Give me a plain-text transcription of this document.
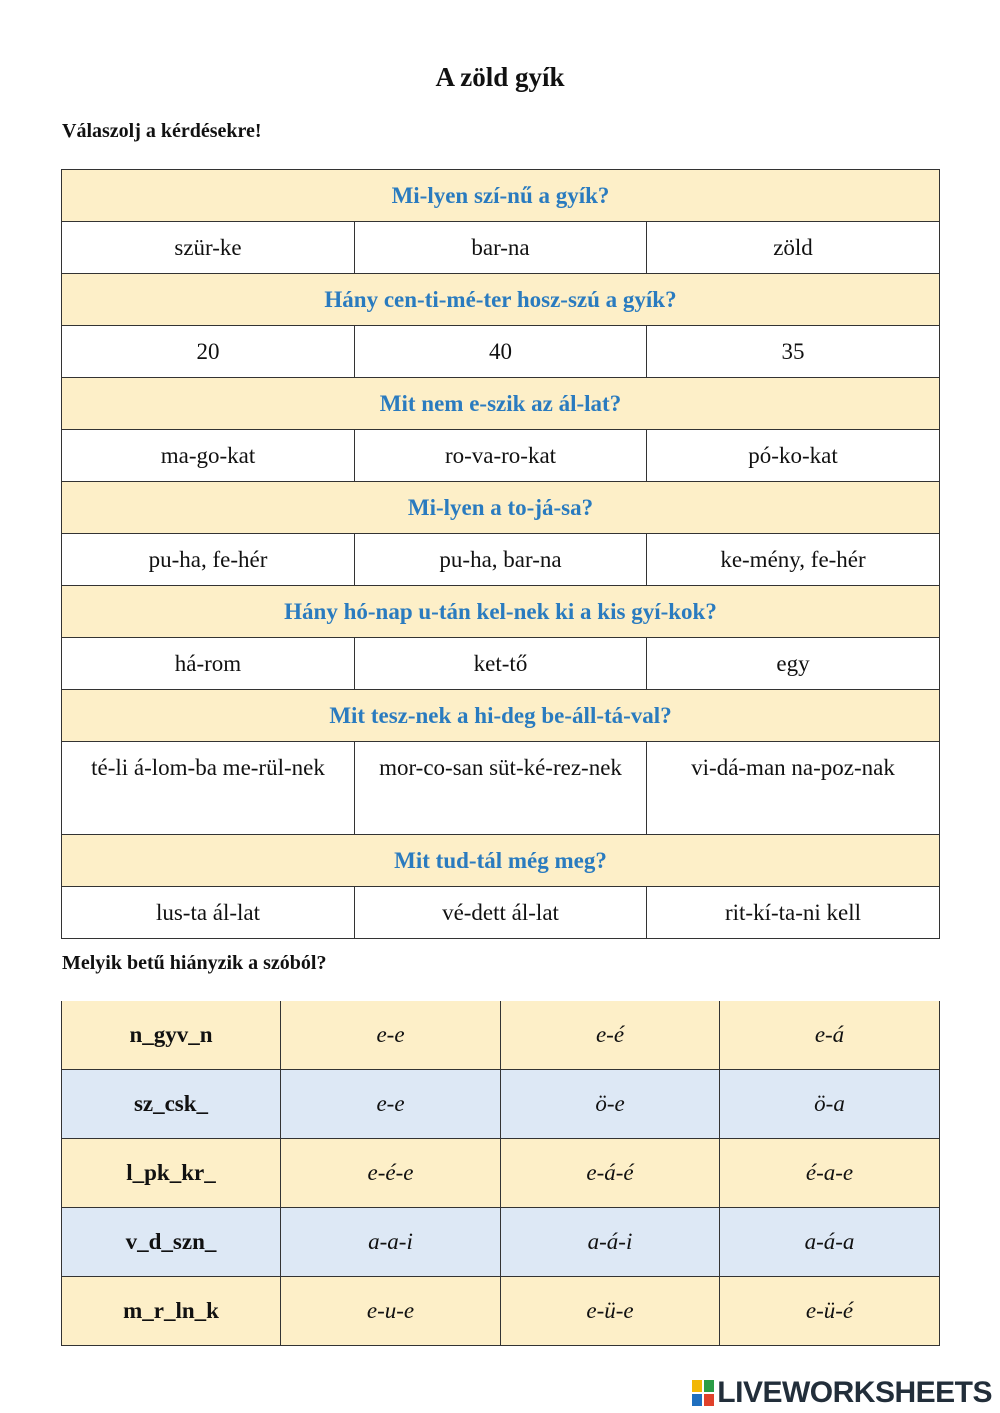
A zöld gyík
Válaszolj a kérdésekre!
Mi-lyen szí-nű a gyík?		
szür-ke	bar-na	zöld
Hány cen-ti-mé-ter hosz-szú a gyík?		
20	40	35
Mit nem e-szik az ál-lat?		
ma-go-kat	ro-va-ro-kat	pó-ko-kat
Mi-lyen a to-já-sa?		
pu-ha, fe-hér	pu-ha, bar-na	ke-mény, fe-hér
Hány hó-nap u-tán kel-nek ki a kis gyí-kok?		
há-rom	ket-tő	egy
Mit tesz-nek a hi-deg be-áll-tá-val?		
té-li á-lom-ba me-rül-nek	mor-co-san süt-ké-rez-nek	vi-dá-man na-poz-nak
Mit tud-tál még meg?		
lus-ta ál-lat	vé-dett ál-lat	rit-kí-ta-ni kell
Melyik betű hiányzik a szóból?
n_gyv_n	e-e	e-é	e-á
sz_csk_	e-e	ö-e	ö-a
l_pk_kr_	e-é-e	e-á-é	é-a-e
v_d_szn_	a-a-i	a-á-i	a-á-a
m_r_ln_k	e-u-e	e-ü-e	e-ü-é
LIVEWORKSHEETS
